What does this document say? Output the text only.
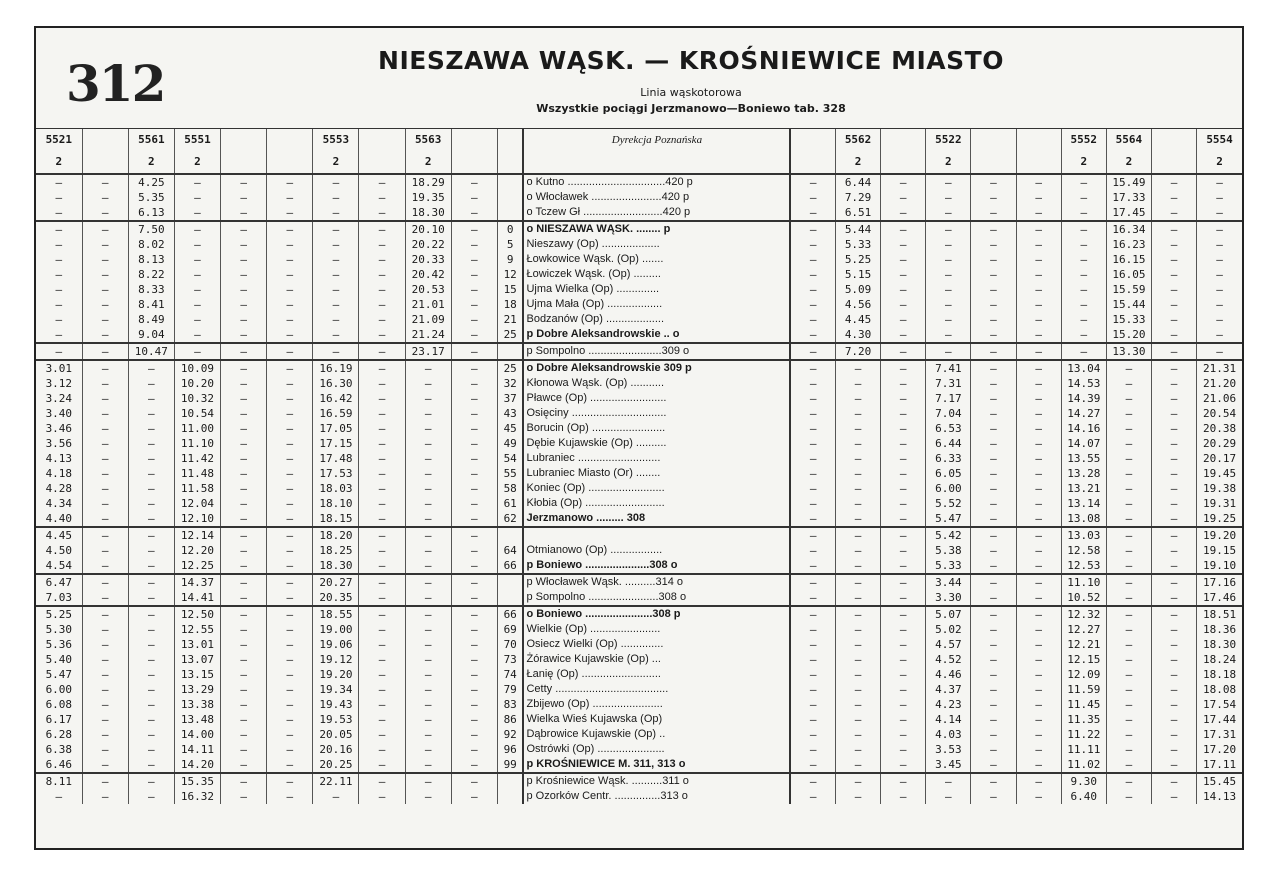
312	NIESZAWA WĄSK. — KROŚNIEWICE MIASTO
Linia wąskotorowa
Wszystkie pociągi Jerzmanowo—Boniewo tab. 328
5521		5561	5551			5553		5563			Dyrekcja Poznańska		5562		5522			5552	5564		5554
2		2	2			2		2					2		2			2	2		2
—	—	4.25	—	—	—	—	—	18.29	—		o Kutno ................................420 p	—	6.44	—	—	—	—	—	15.49	—	—
—	—	5.35	—	—	—	—	—	19.35	—		o Włocławek .......................420 p	—	7.29	—	—	—	—	—	17.33	—	—
—	—	6.13	—	—	—	—	—	18.30	—		o Tczew Gł ..........................420 p	—	6.51	—	—	—	—	—	17.45	—	—
—	—	7.50	—	—	—	—	—	20.10	—	0	o NIESZAWA WĄSK. ........ p	—	5.44	—	—	—	—	—	16.34	—	—
—	—	8.02	—	—	—	—	—	20.22	—	5	Nieszawy (Op) ...................	—	5.33	—	—	—	—	—	16.23	—	—
—	—	8.13	—	—	—	—	—	20.33	—	9	Łowkowice Wąsk. (Op) .......	—	5.25	—	—	—	—	—	16.15	—	—
—	—	8.22	—	—	—	—	—	20.42	—	12	Łowiczek Wąsk. (Op) .........	—	5.15	—	—	—	—	—	16.05	—	—
—	—	8.33	—	—	—	—	—	20.53	—	15	Ujma Wielka (Op) ..............	—	5.09	—	—	—	—	—	15.59	—	—
—	—	8.41	—	—	—	—	—	21.01	—	18	Ujma Mała (Op) ..................	—	4.56	—	—	—	—	—	15.44	—	—
—	—	8.49	—	—	—	—	—	21.09	—	21	Bodzanów (Op) ...................	—	4.45	—	—	—	—	—	15.33	—	—
—	—	9.04	—	—	—	—	—	21.24	—	25	p Dobre Aleksandrowskie .. o	—	4.30	—	—	—	—	—	15.20	—	—
—	—	10.47	—	—	—	—	—	23.17	—		p Sompolno ........................309 o	—	7.20	—	—	—	—	—	13.30	—	—
3.01	—	—	10.09	—	—	16.19	—	—	—	25	o Dobre Aleksandrowskie 309 p	—	—	—	7.41	—	—	13.04	—	—	21.31
3.12	—	—	10.20	—	—	16.30	—	—	—	32	Kłonowa Wąsk. (Op) ...........	—	—	—	7.31	—	—	14.53	—	—	21.20
3.24	—	—	10.32	—	—	16.42	—	—	—	37	Pławce (Op) .........................	—	—	—	7.17	—	—	14.39	—	—	21.06
3.40	—	—	10.54	—	—	16.59	—	—	—	43	Osięciny ...............................	—	—	—	7.04	—	—	14.27	—	—	20.54
3.46	—	—	11.00	—	—	17.05	—	—	—	45	Borucin (Op) ........................	—	—	—	6.53	—	—	14.16	—	—	20.38
3.56	—	—	11.10	—	—	17.15	—	—	—	49	Dębie Kujawskie (Op) ..........	—	—	—	6.44	—	—	14.07	—	—	20.29
4.13	—	—	11.42	—	—	17.48	—	—	—	54	Lubraniec ...........................	—	—	—	6.33	—	—	13.55	—	—	20.17
4.18	—	—	11.48	—	—	17.53	—	—	—	55	Lubraniec Miasto (Or) ........	—	—	—	6.05	—	—	13.28	—	—	19.45
4.28	—	—	11.58	—	—	18.03	—	—	—	58	Koniec (Op) .........................	—	—	—	6.00	—	—	13.21	—	—	19.38
4.34	—	—	12.04	—	—	18.10	—	—	—	61	Kłobia (Op) ..........................	—	—	—	5.52	—	—	13.14	—	—	19.31
4.40	—	—	12.10	—	—	18.15	—	—	—	62	Jerzmanowo ......... 308	—	—	—	5.47	—	—	13.08	—	—	19.25
4.45	—	—	12.14	—	—	18.20	—	—	—			—	—	—	5.42	—	—	13.03	—	—	19.20
4.50	—	—	12.20	—	—	18.25	—	—	—	64	Otmianowo (Op) .................	—	—	—	5.38	—	—	12.58	—	—	19.15
4.54	—	—	12.25	—	—	18.30	—	—	—	66	p Boniewo .....................308 o	—	—	—	5.33	—	—	12.53	—	—	19.10
6.47	—	—	14.37	—	—	20.27	—	—	—		p Włocławek Wąsk. ..........314 o	—	—	—	3.44	—	—	11.10	—	—	17.16
7.03	—	—	14.41	—	—	20.35	—	—	—		p Sompolno .......................308 o	—	—	—	3.30	—	—	10.52	—	—	17.46
5.25	—	—	12.50	—	—	18.55	—	—	—	66	o Boniewo ......................308 p	—	—	—	5.07	—	—	12.32	—	—	18.51
5.30	—	—	12.55	—	—	19.00	—	—	—	69	Wielkie (Op) .......................	—	—	—	5.02	—	—	12.27	—	—	18.36
5.36	—	—	13.01	—	—	19.06	—	—	—	70	Osiecz Wielki (Op) ..............	—	—	—	4.57	—	—	12.21	—	—	18.30
5.40	—	—	13.07	—	—	19.12	—	—	—	73	Żórawice Kujawskie (Op) ...	—	—	—	4.52	—	—	12.15	—	—	18.24
5.47	—	—	13.15	—	—	19.20	—	—	—	74	Łanię (Op) ..........................	—	—	—	4.46	—	—	12.09	—	—	18.18
6.00	—	—	13.29	—	—	19.34	—	—	—	79	Cetty .....................................	—	—	—	4.37	—	—	11.59	—	—	18.08
6.08	—	—	13.38	—	—	19.43	—	—	—	83	Zbijewo (Op) .......................	—	—	—	4.23	—	—	11.45	—	—	17.54
6.17	—	—	13.48	—	—	19.53	—	—	—	86	Wielka Wieś Kujawska (Op)	—	—	—	4.14	—	—	11.35	—	—	17.44
6.28	—	—	14.00	—	—	20.05	—	—	—	92	Dąbrowice Kujawskie (Op) ..	—	—	—	4.03	—	—	11.22	—	—	17.31
6.38	—	—	14.11	—	—	20.16	—	—	—	96	Ostrówki (Op) ......................	—	—	—	3.53	—	—	11.11	—	—	17.20
6.46	—	—	14.20	—	—	20.25	—	—	—	99	p KROŚNIEWICE M. 311, 313 o	—	—	—	3.45	—	—	11.02	—	—	17.11
8.11	—	—	15.35	—	—	22.11	—	—	—		p Krośniewice Wąsk. ..........311 o	—	—	—	—	—	—	9.30	—	—	15.45
—	—	—	16.32	—	—	—	—	—	—		p Ozorków Centr. ...............313 o	—	—	—	—	—	—	6.40	—	—	14.13
